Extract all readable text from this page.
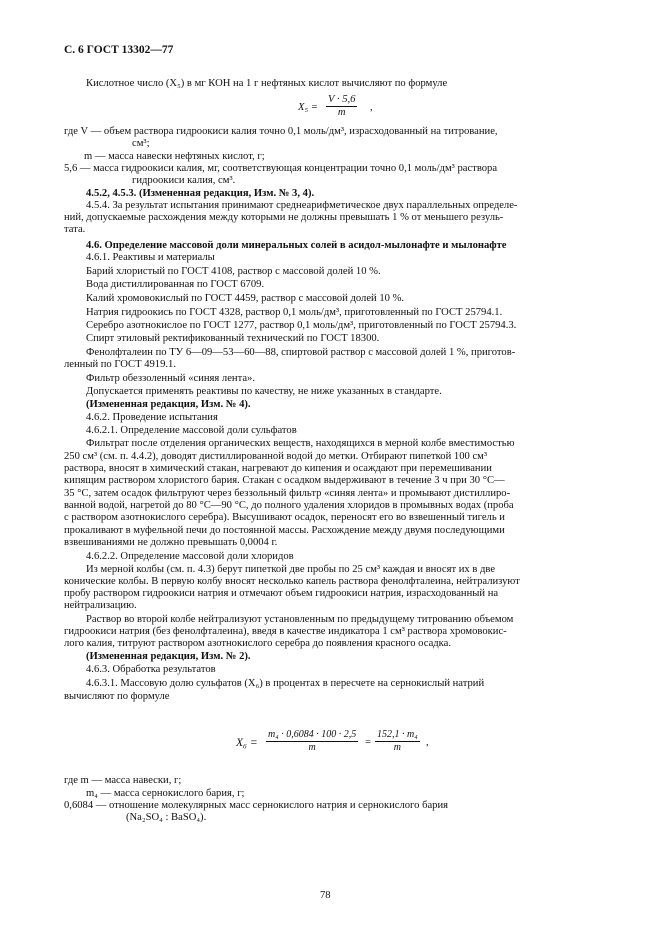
С. 6 ГОСТ 13302—77
Кислотное число (X₅) в мг КОН на 1 г нефтяных кислот вычисляют по формуле
$X_5 = \frac{V \cdot 5,6}{m}$ ,
где V — объем раствора гидроокиси калия точно 0,1 моль/дм³, израсходованный на титрование,
см³;
m — масса навески нефтяных кислот, г;
5,6 — масса гидроокиси калия, мг, соответствующая концентрации точно 0,1 моль/дм³ раствора
гидроокиси калия, см³.
4.5.2, 4.5.3. (Измененная редакция, Изм. № 3, 4).
4.5.4. За результат испытания принимают среднеарифметическое двух параллельных определе-
ний, допускаемые расхождения между которыми не должны превышать 1 % от меньшего резуль-
тата.
4.6. Определение массовой доли минеральных солей в асидол-мылонафте и мылонафте
4.6.1. Реактивы и материалы
Барий хлористый по ГОСТ 4108, раствор с массовой долей 10 %.
Вода дистиллированная по ГОСТ 6709.
Калий хромовокислый по ГОСТ 4459, раствор с массовой долей 10 %.
Натрия гидроокись по ГОСТ 4328, раствор 0,1 моль/дм³, приготовленный по ГОСТ 25794.1.
Серебро азотнокислое по ГОСТ 1277, раствор 0,1 моль/дм³, приготовленный по ГОСТ 25794.3.
Спирт этиловый ректификованный технический по ГОСТ 18300.
Фенолфталеин по ТУ 6—09—53—60—88, спиртовой раствор с массовой долей 1 %, приготов-
ленный по ГОСТ 4919.1.
Фильтр обеззоленный «синяя лента».
Допускается применять реактивы по качеству, не ниже указанных в стандарте.
(Измененная редакция, Изм. № 4).
4.6.2. Проведение испытания
4.6.2.1. Определение массовой доли сульфатов
Фильтрат после отделения органических веществ, находящихся в мерной колбе вместимостью
250 см³ (см. п. 4.4.2), доводят дистиллированной водой до метки. Отбирают пипеткой 100 см³
раствора, вносят в химический стакан, нагревают до кипения и осаждают при перемешивании
кипящим раствором хлористого бария. Стакан с осадком выдерживают в течение 3 ч при 30 °С—
35 °С, затем осадок фильтруют через беззольный фильтр «синяя лента» и промывают дистиллиро-
ванной водой, нагретой до 80 °С—90 °С, до полного удаления хлоридов в промывных водах (проба
с раствором азотнокислого серебра). Высушивают осадок, переносят его во взвешенный тигель и
прокаливают в муфельной печи до постоянной массы. Расхождение между двумя последующими
взвешиваниями не должно превышать 0,0004 г.
4.6.2.2. Определение массовой доли хлоридов
Из мерной колбы (см. п. 4.3) берут пипеткой две пробы по 25 см³ каждая и вносят их в две
конические колбы. В первую колбу вносят несколько капель раствора фенолфталеина, нейтрализуют
пробу раствором гидроокиси натрия и отмечают объем гидроокиси натрия, израсходованный на
нейтрализацию.
Раствор во второй колбе нейтрализуют установленным по предыдущему титрованию объемом
гидроокиси натрия (без фенолфталеина), введя в качестве индикатора 1 см³ раствора хромовокис-
лого калия, титруют раствором азотнокислого серебра до появления красного осадка.
(Измененная редакция, Изм. № 2).
4.6.3. Обработка результатов
4.6.3.1. Массовую долю сульфатов (X₆) в процентах в пересчете на сернокислый натрий
вычисляют по формуле
$X_6 = \frac{\text{m₄ · 0,6084 · 100 · 2,5}}{m} = \frac{\text{152,1 · m₄}}{m}$ ,
где m — масса навески, г;
m₄ — масса сернокислого бария, г;
0,6084 — отношение молекулярных масс сернокислого натрия и сернокислого бария
(Na₂SO₄ : BaSO₄).
78
